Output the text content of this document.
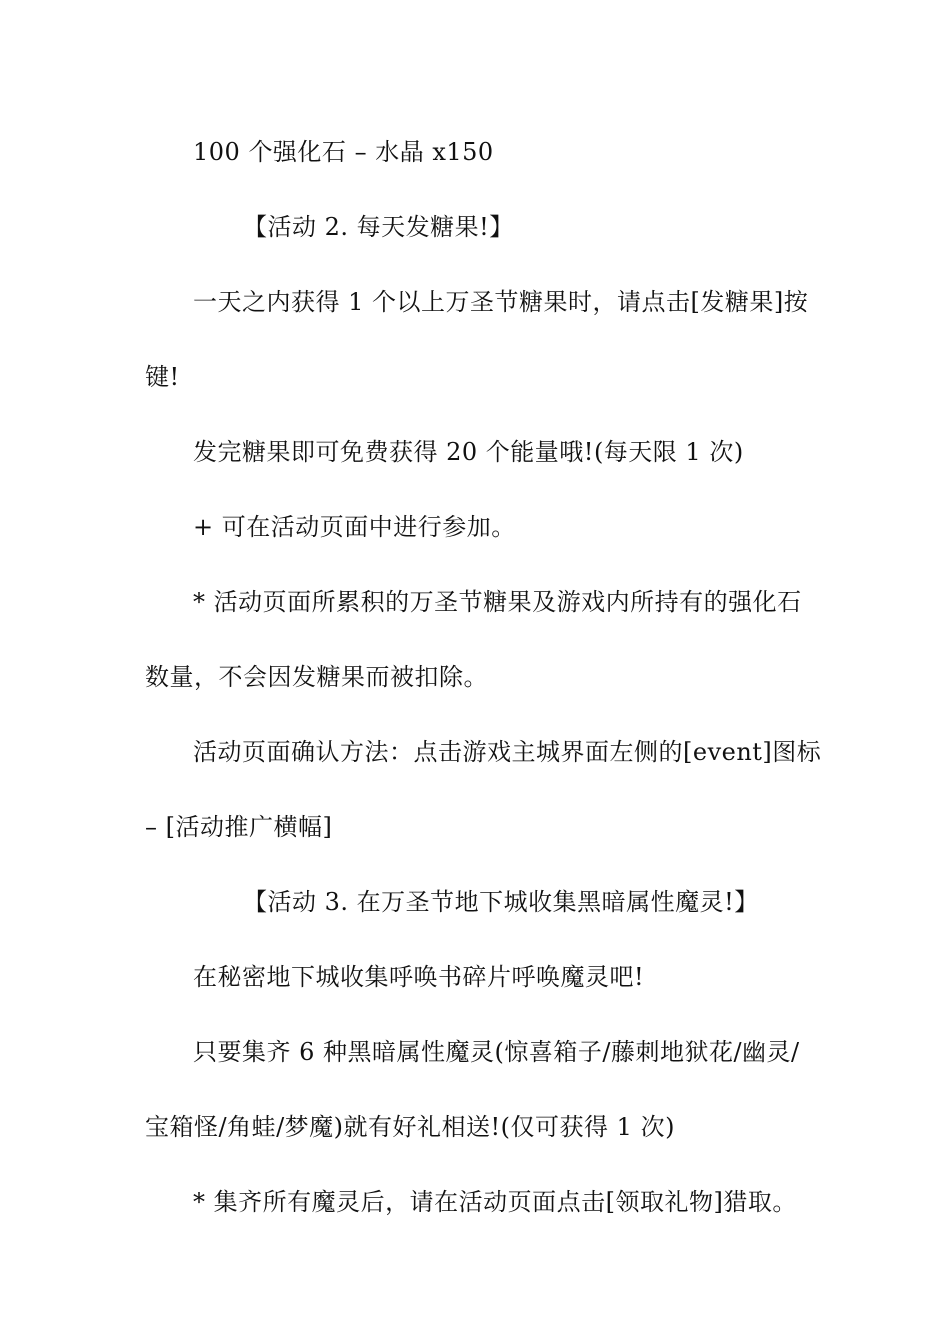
100 个强化石 – 水晶 x150
【活动 2. 每天发糖果!】
一天之内获得 1 个以上万圣节糖果时，请点击[发糖果]按
键!
发完糖果即可免费获得 20 个能量哦!(每天限 1 次)
+ 可在活动页面中进行参加。
* 活动页面所累积的万圣节糖果及游戏内所持有的强化石
数量，不会因发糖果而被扣除。
活动页面确认方法：点击游戏主城界面左侧的[event]图标
– [活动推广横幅]
【活动 3. 在万圣节地下城收集黑暗属性魔灵!】
在秘密地下城收集呼唤书碎片呼唤魔灵吧!
只要集齐 6 种黑暗属性魔灵(惊喜箱子/藤刺地狱花/幽灵/
宝箱怪/角蛙/梦魔)就有好礼相送!(仅可获得 1 次)
* 集齐所有魔灵后，请在活动页面点击[领取礼物]猎取。
